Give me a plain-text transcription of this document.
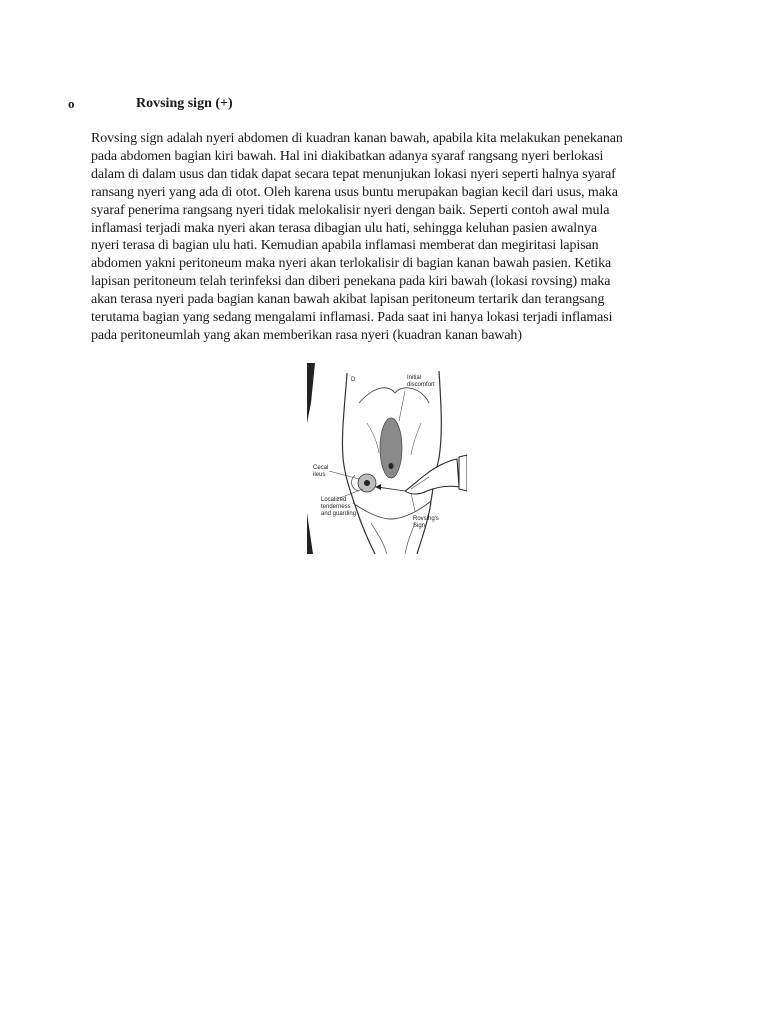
o	Rovsing sign (+)
Rovsing sign adalah nyeri abdomen di kuadran kanan bawah, apabila kita melakukan penekanan
pada abdomen bagian kiri bawah. Hal ini diakibatkan adanya syaraf rangsang nyeri berlokasi
dalam di dalam usus dan tidak dapat secara tepat menunjukan lokasi nyeri seperti halnya syaraf
ransang nyeri yang ada di otot. Oleh karena usus buntu merupakan bagian kecil dari usus, maka
syaraf penerima rangsang nyeri tidak melokalisir nyeri dengan baik. Seperti contoh awal mula
inflamasi terjadi maka nyeri akan terasa dibagian ulu hati, sehingga keluhan pasien awalnya
nyeri terasa di bagian ulu hati. Kemudian apabila inflamasi memberat dan megiritasi lapisan
abdomen yakni peritoneum maka nyeri akan terlokalisir di bagian kanan bawah pasien. Ketika
lapisan peritoneum telah terinfeksi dan diberi penekana pada kiri bawah (lokasi rovsing) maka
akan terasa nyeri pada bagian kanan bawah akibat lapisan peritoneum tertarik dan terangsang
terutama bagian yang sedang mengalami inflamasi. Pada saat ini hanya lokasi terjadi inflamasi
pada peritoneumlah yang akan memberikan rasa nyeri (kuadran kanan bawah)
D	Initial
discomfort
Cecal
ileus
Localized
tenderness
and guarding
Rovsing's
Sign
